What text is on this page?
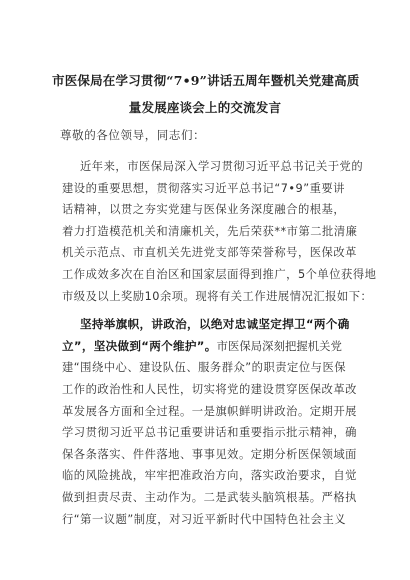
市医保局在学习贯彻“7•9”讲话五周年暨机关党建高质
量发展座谈会上的交流发言
尊敬的各位领导，同志们：
近年来，市医保局深入学习贯彻习近平总书记关于党的
建设的重要思想，贯彻落实习近平总书记“7•9”重要讲
话精神，以贯之夯实党建与医保业务深度融合的根基，
着力打造模范机关和清廉机关，先后荣获**市第二批清廉
机关示范点、市直机关先进党支部等荣誉称号，医保改革
工作成效多次在自治区和国家层面得到推广，5个单位获得地
市级及以上奖励10余项。现将有关工作进展情况汇报如下：
坚持举旗帜，讲政治，以绝对忠诚坚定捍卫“两个确
立”，坚决做到“两个维护”。市医保局深刻把握机关党
建“围绕中心、建设队伍、服务群众”的职责定位与医保
工作的政治性和人民性，切实将党的建设贯穿医保改革改
革发展各方面和全过程。一是旗帜鲜明讲政治。定期开展
学习贯彻习近平总书记重要讲话和重要指示批示精神，确
保各条落实、件件落地、事事见效。定期分析医保领域面
临的风险挑战，牢牢把准政治方向，落实政治要求，自觉
做到担责尽责、主动作为。二是武装头脑筑根基。严格执
行“第一议题”制度，对习近平新时代中国特色社会主义
